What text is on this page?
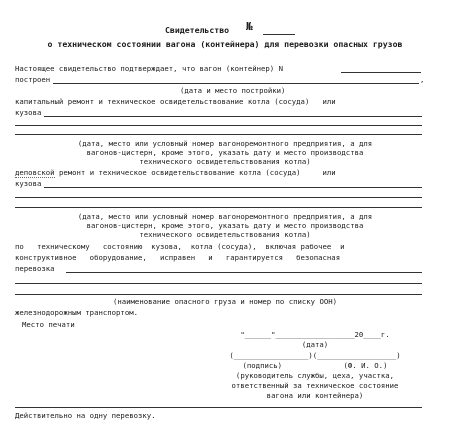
Свидетельство №
о техническом состоянии вагона (контейнера) для перевозки опасных грузов
Настоящее свидетельство подтверждает, что вагон (контейнер) N
построен	,
(дата и место постройки)
капитальный ремонт и техническое освидетельствование котла (сосуда)   или
кузова
(дата, место или условный номер вагоноремонтного предприятия, а для
вагонов-цистерн, кроме этого, указать дату и место производства
технического освидетельствования котла)
деповской ремонт и техническое освидетельствование котла (сосуда)     или
кузова
(дата, место или условный номер вагоноремонтного предприятия, а для
вагонов-цистерн, кроме этого, указать дату и место производства
технического освидетельствования котла)
по   техническому   состоянию  кузова,  котла (сосуда),  включая рабочее  и
конструктивное   оборудование,   исправен   и   гарантируется   безопасная
перевозка
(наименование опасного груза и номер по списку ООН)
железнодорожным транспортом.
Место печати
"______"__________________20____г.
(дата)
(_________________)(__________________)
(подпись)              (Ф. И. О.)
(руководитель службы, цеха, участка,
ответственный за техническое состояние
вагона или контейнера)
Действительно на одну перевозку.
